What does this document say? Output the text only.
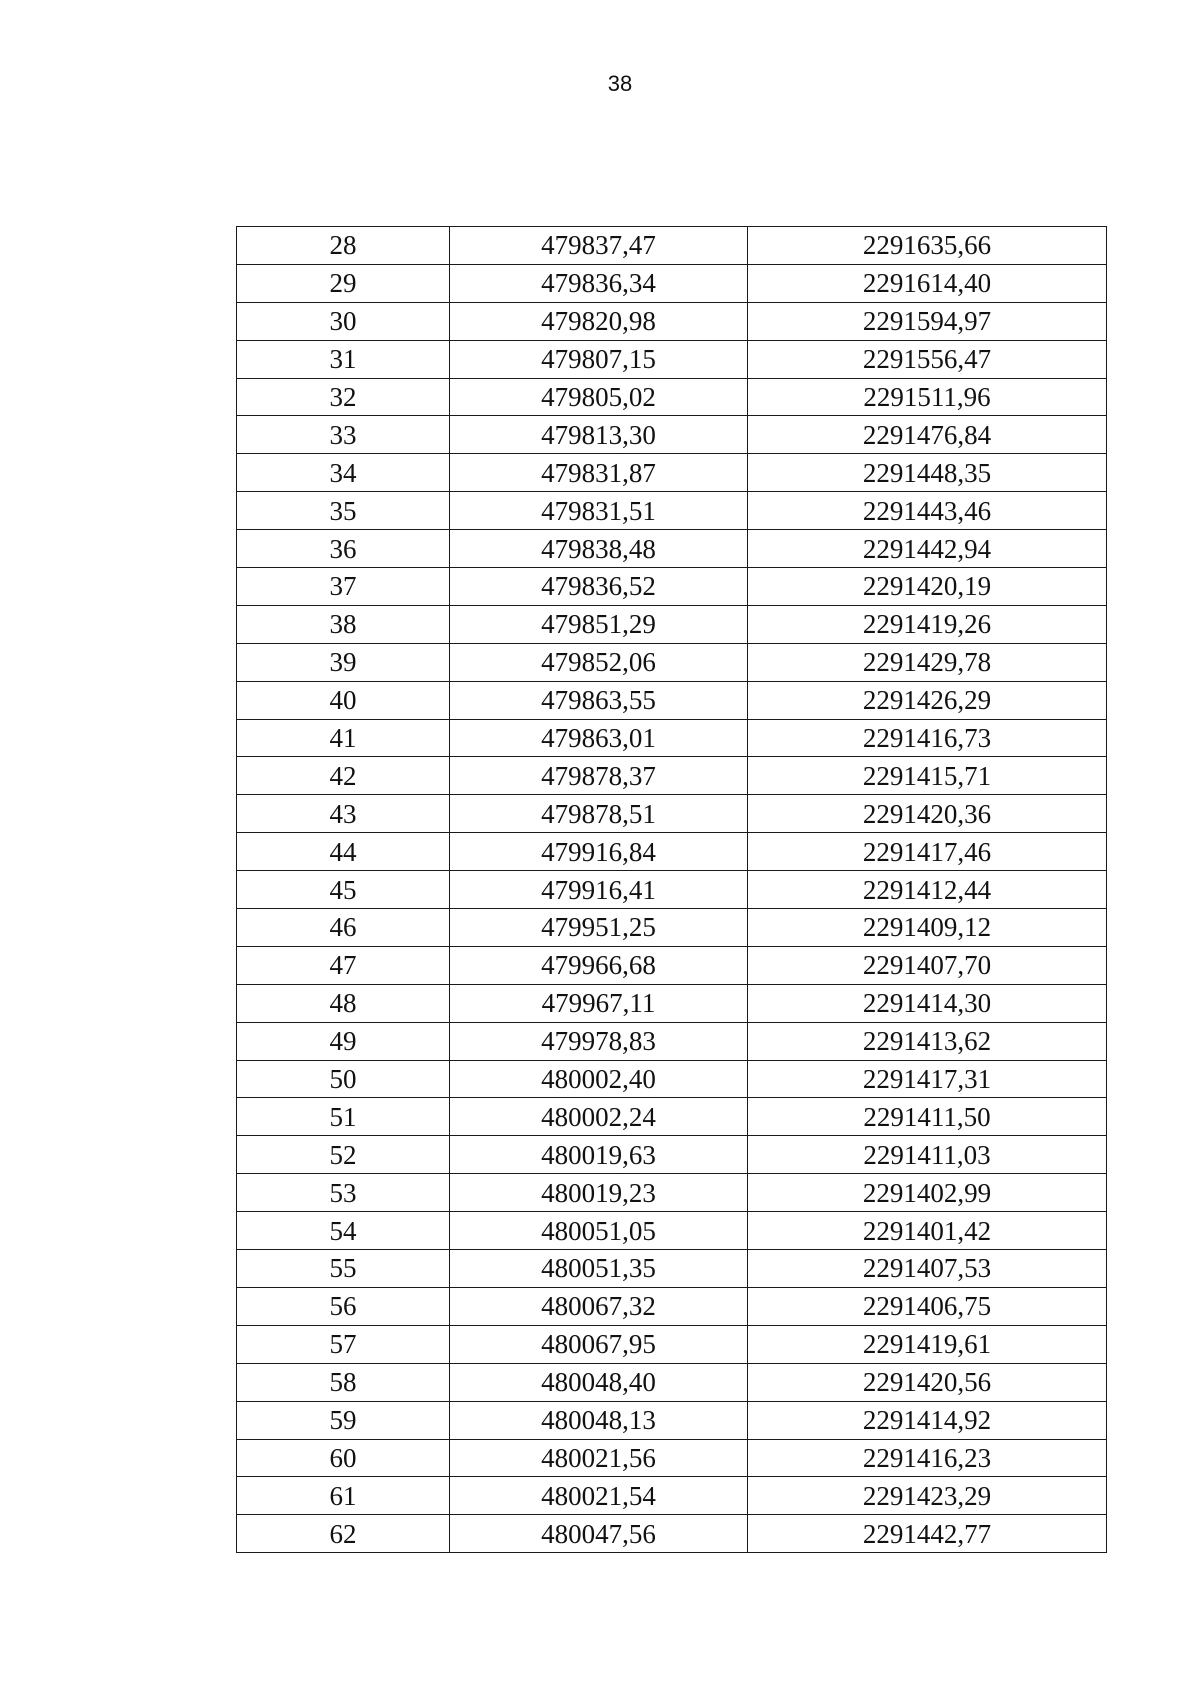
38
28	479837,47	2291635,66
29	479836,34	2291614,40
30	479820,98	2291594,97
31	479807,15	2291556,47
32	479805,02	2291511,96
33	479813,30	2291476,84
34	479831,87	2291448,35
35	479831,51	2291443,46
36	479838,48	2291442,94
37	479836,52	2291420,19
38	479851,29	2291419,26
39	479852,06	2291429,78
40	479863,55	2291426,29
41	479863,01	2291416,73
42	479878,37	2291415,71
43	479878,51	2291420,36
44	479916,84	2291417,46
45	479916,41	2291412,44
46	479951,25	2291409,12
47	479966,68	2291407,70
48	479967,11	2291414,30
49	479978,83	2291413,62
50	480002,40	2291417,31
51	480002,24	2291411,50
52	480019,63	2291411,03
53	480019,23	2291402,99
54	480051,05	2291401,42
55	480051,35	2291407,53
56	480067,32	2291406,75
57	480067,95	2291419,61
58	480048,40	2291420,56
59	480048,13	2291414,92
60	480021,56	2291416,23
61	480021,54	2291423,29
62	480047,56	2291442,77
